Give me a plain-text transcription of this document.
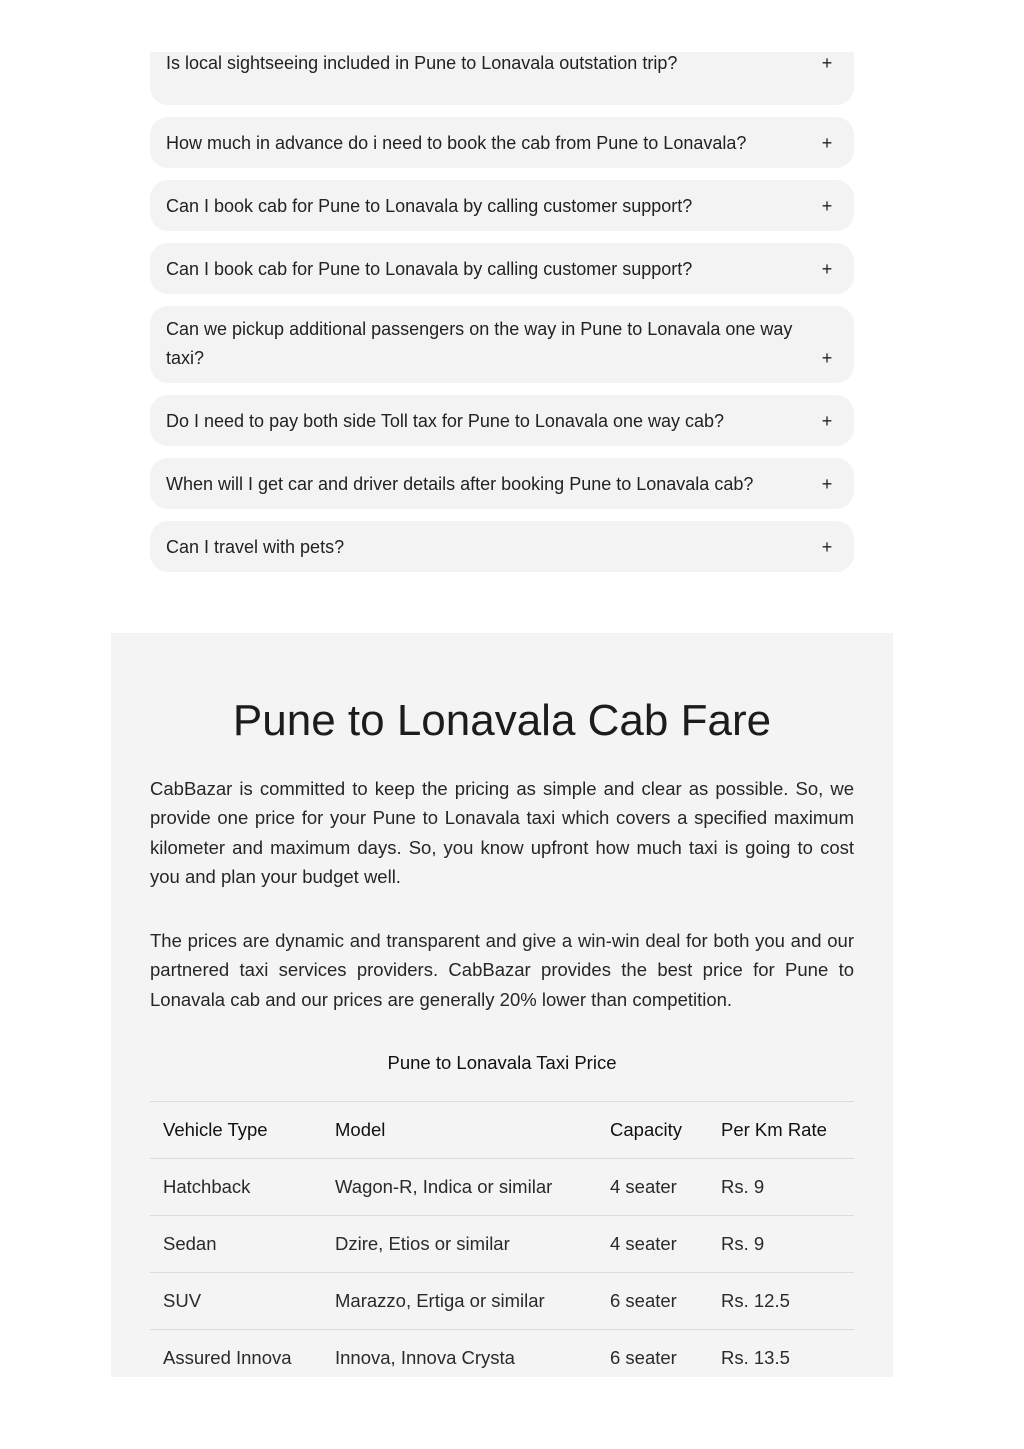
Is local sightseeing included in Pune to Lonavala outstation trip?	+
How much in advance do i need to book the cab from Pune to Lonavala?	+
Can I book cab for Pune to Lonavala by calling customer support?	+
Can I book cab for Pune to Lonavala by calling customer support?	+
Can we pickup additional passengers on the way in Pune to Lonavala one way taxi?	+
Do I need to pay both side Toll tax for Pune to Lonavala one way cab?	+
When will I get car and driver details after booking Pune to Lonavala cab?	+
Can I travel with pets?	+
Pune to Lonavala Cab Fare

CabBazar is committed to keep the pricing as simple and clear as possible. So, we provide one price for your Pune to Lonavala taxi which covers a specified maximum kilometer and maximum days. So, you know upfront how much taxi is going to cost you and plan your budget well.

The prices are dynamic and transparent and give a win-win deal for both you and our partnered taxi services providers. CabBazar provides the best price for Pune to Lonavala cab and our prices are generally 20% lower than competition.

Pune to Lonavala Taxi Price
Vehicle Type	Model	Capacity	Per Km Rate
Hatchback	Wagon-R, Indica or similar	4 seater	Rs. 9
Sedan	Dzire, Etios or similar	4 seater	Rs. 9
SUV	Marazzo, Ertiga or similar	6 seater	Rs. 12.5
Assured Innova	Innova, Innova Crysta	6 seater	Rs. 13.5
